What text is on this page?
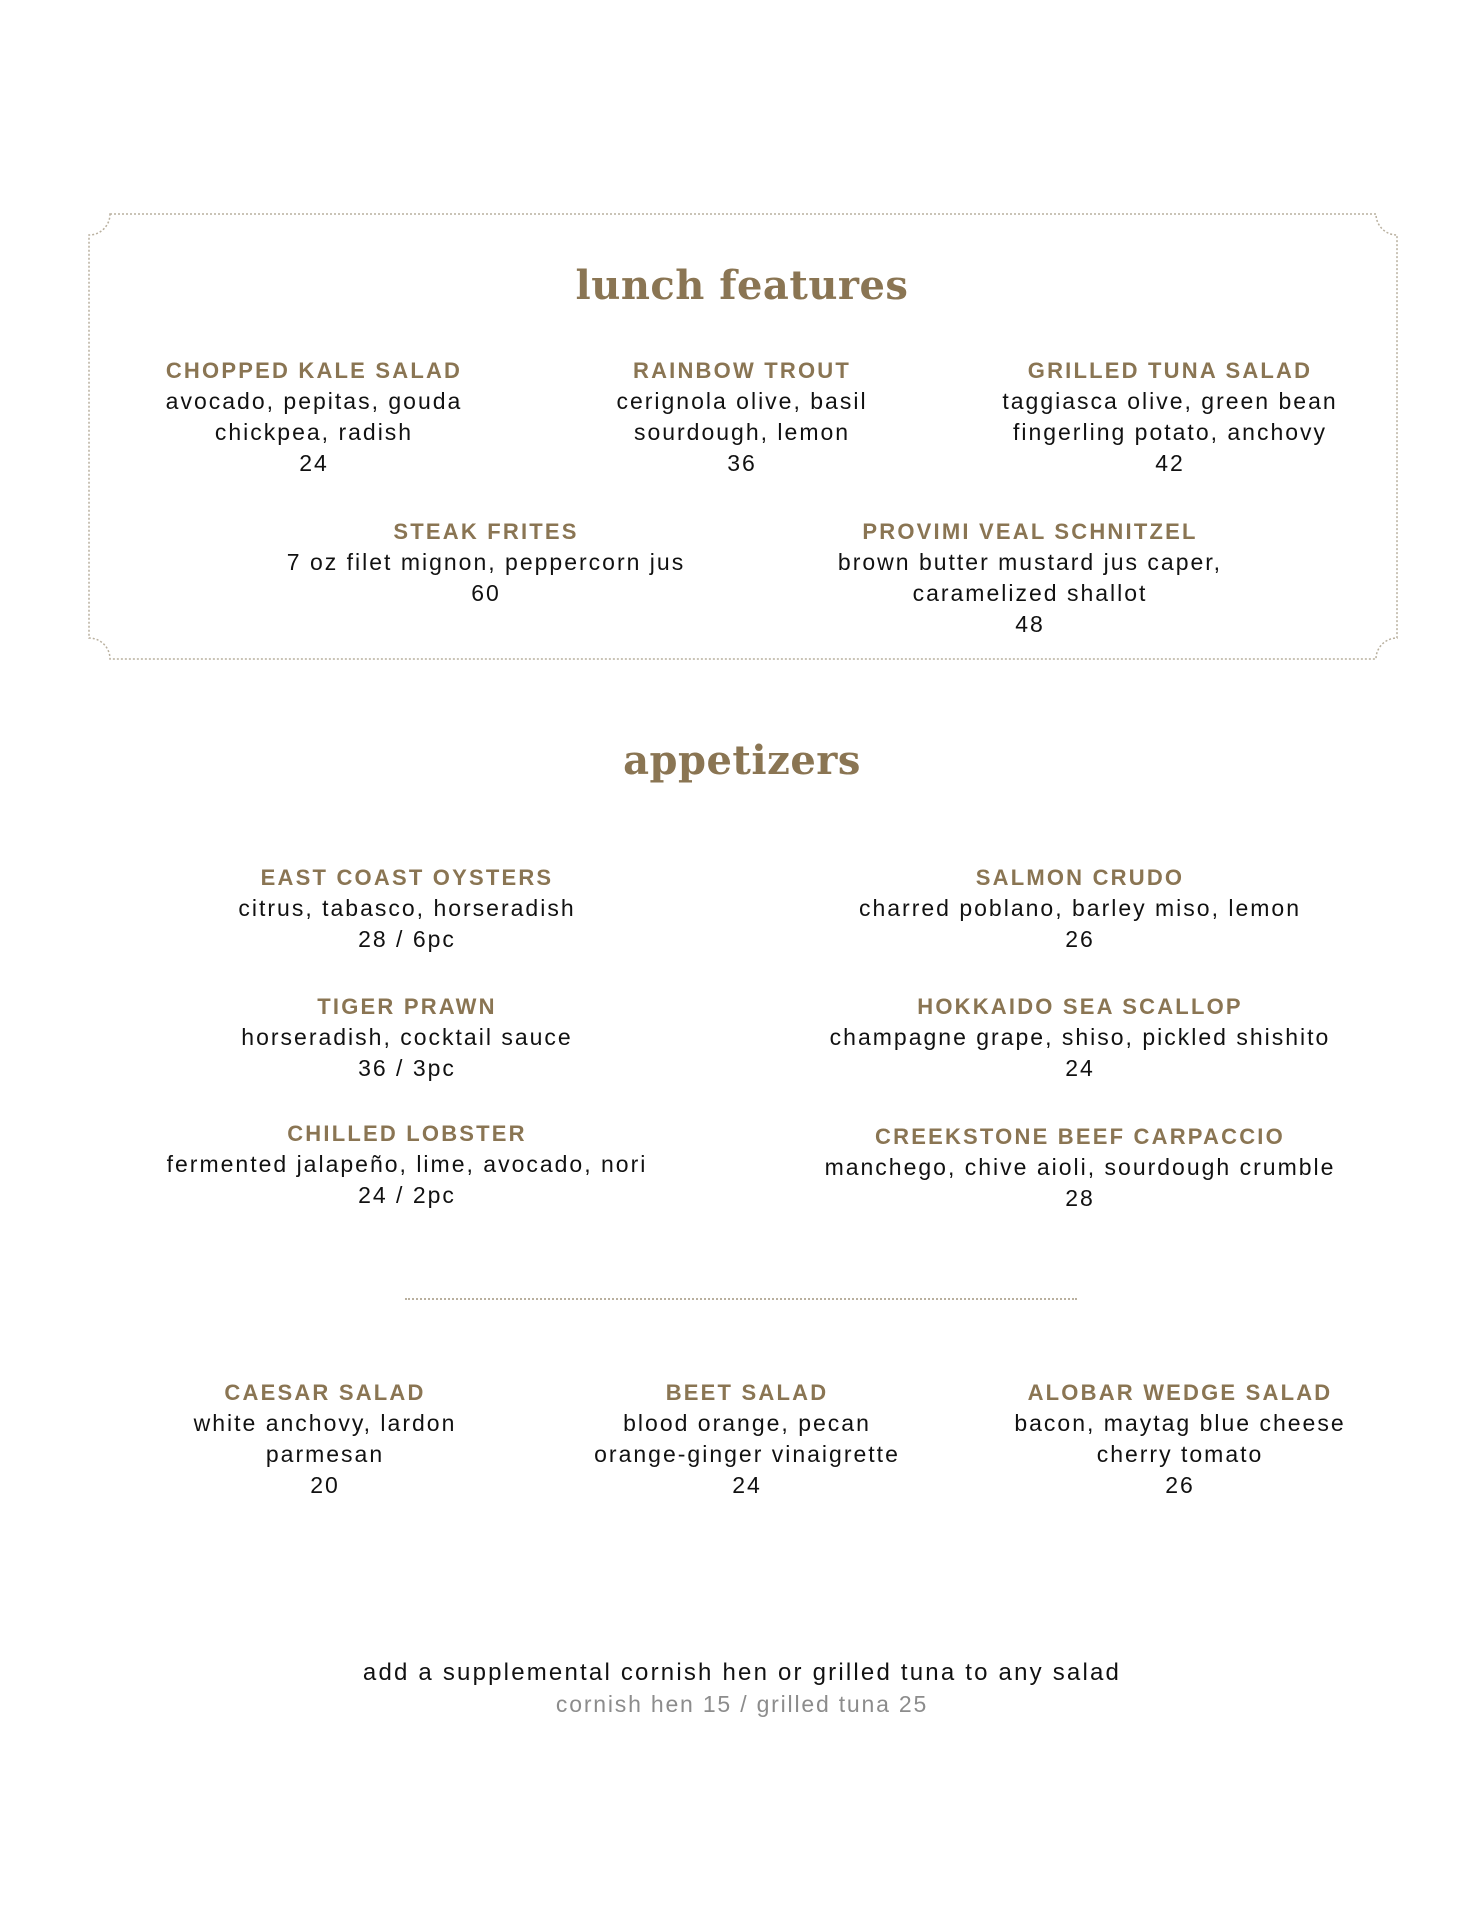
lunch features
CHOPPED KALE SALAD
avocado, pepitas, gouda
chickpea, radish
24
RAINBOW TROUT
cerignola olive, basil
sourdough, lemon
36
GRILLED TUNA SALAD
taggiasca olive, green bean
fingerling potato, anchovy
42
STEAK FRITES
7 oz filet mignon, peppercorn jus
60
PROVIMI VEAL SCHNITZEL
brown butter mustard jus caper,
caramelized shallot
48
appetizers
EAST COAST OYSTERS
citrus, tabasco, horseradish
28 / 6pc
SALMON CRUDO
charred poblano, barley miso, lemon
26
TIGER PRAWN
horseradish, cocktail sauce
36 / 3pc
HOKKAIDO SEA SCALLOP
champagne grape, shiso, pickled shishito
24
CHILLED LOBSTER
fermented jalapeño, lime, avocado, nori
24 / 2pc
CREEKSTONE BEEF CARPACCIO
manchego, chive aioli, sourdough crumble
28
CAESAR SALAD
white anchovy, lardon
parmesan
20
BEET SALAD
blood orange, pecan
orange-ginger vinaigrette
24
ALOBAR WEDGE SALAD
bacon, maytag blue cheese
cherry tomato
26
add a supplemental cornish hen or grilled tuna to any salad
cornish hen 15 / grilled tuna 25
